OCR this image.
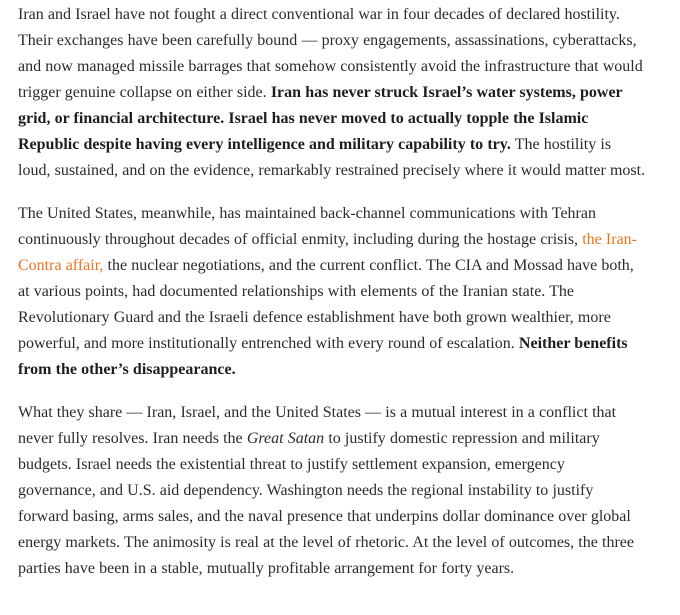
Iran and Israel have not fought a direct conventional war in four decades of declared hostility. Their exchanges have been carefully bound — proxy engagements, assassinations, cyberattacks, and now managed missile barrages that somehow consistently avoid the infrastructure that would trigger genuine collapse on either side. Iran has never struck Israel’s water systems, power grid, or financial architecture. Israel has never moved to actually topple the Islamic Republic despite having every intelligence and military capability to try. The hostility is loud, sustained, and on the evidence, remarkably restrained precisely where it would matter most.

The United States, meanwhile, has maintained back-channel communications with Tehran continuously throughout decades of official enmity, including during the hostage crisis, the Iran-Contra affair, the nuclear negotiations, and the current conflict. The CIA and Mossad have both, at various points, had documented relationships with elements of the Iranian state. The Revolutionary Guard and the Israeli defence establishment have both grown wealthier, more powerful, and more institutionally entrenched with every round of escalation. Neither benefits from the other’s disappearance.

What they share — Iran, Israel, and the United States — is a mutual interest in a conflict that never fully resolves. Iran needs the Great Satan to justify domestic repression and military budgets. Israel needs the existential threat to justify settlement expansion, emergency governance, and U.S. aid dependency. Washington needs the regional instability to justify forward basing, arms sales, and the naval presence that underpins dollar dominance over global energy markets. The animosity is real at the level of rhetoric. At the level of outcomes, the three parties have been in a stable, mutually profitable arrangement for forty years.
